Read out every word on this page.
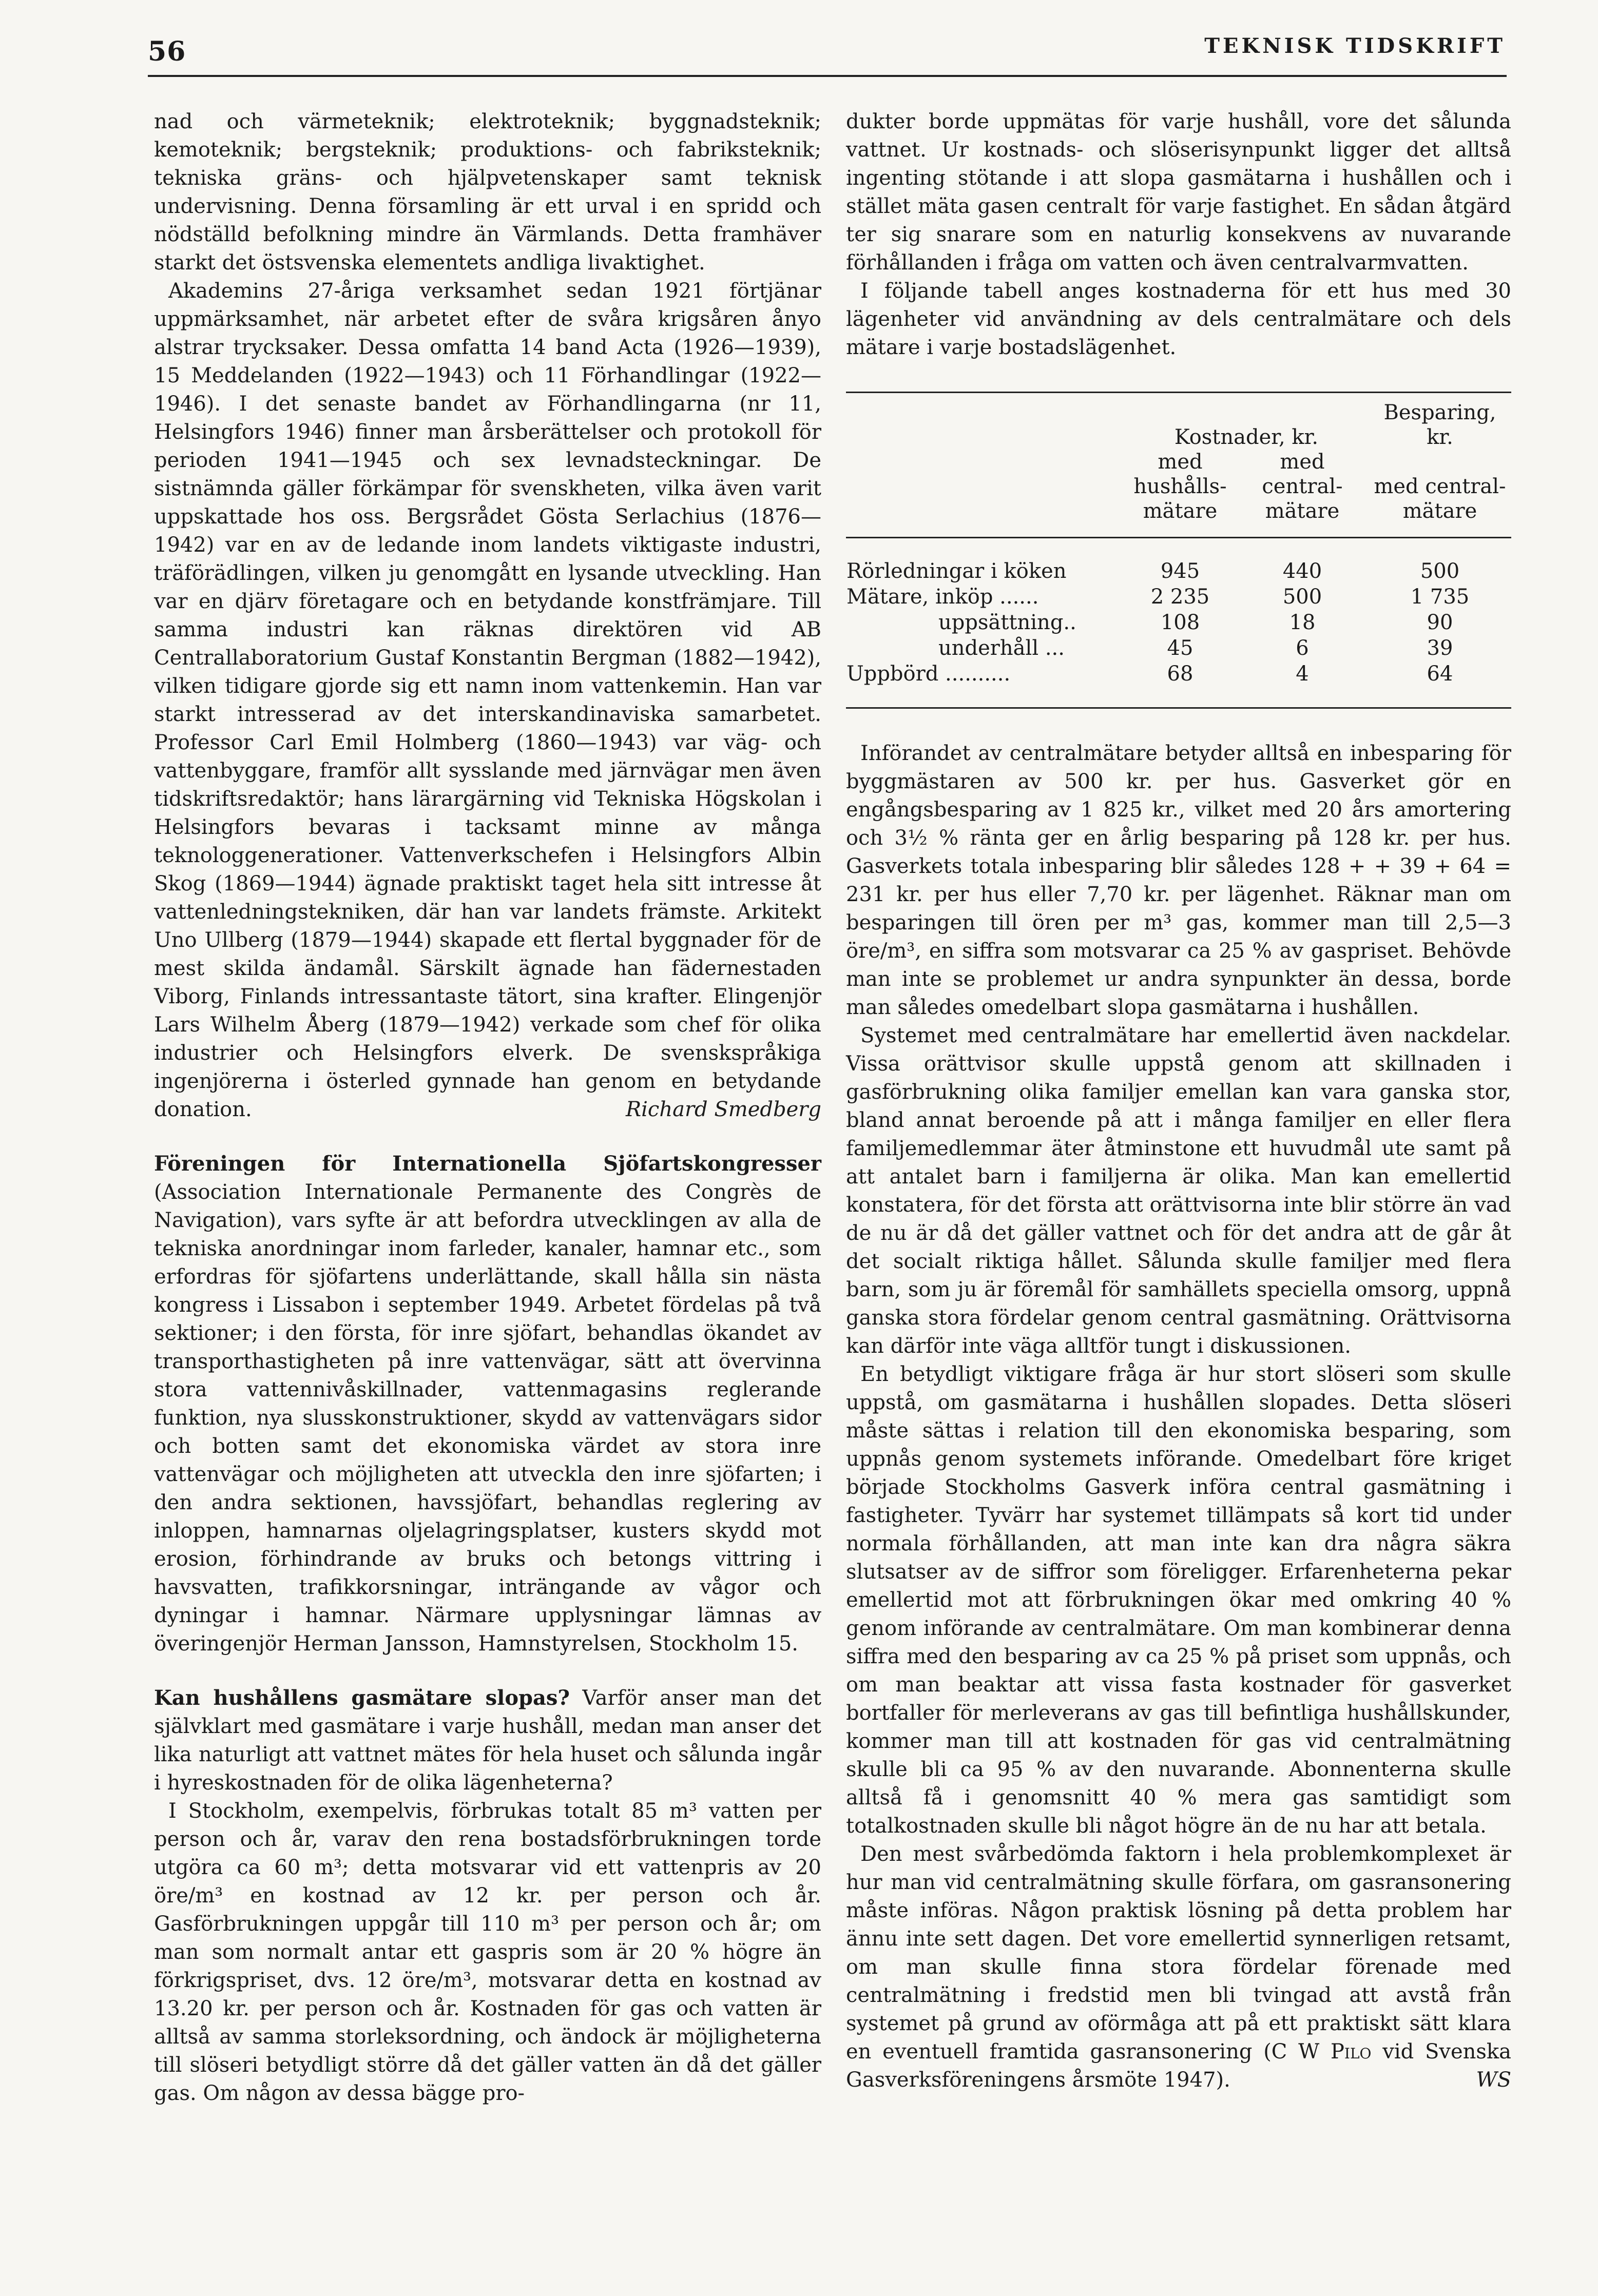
56	TEKNISK TIDSKRIFT

nad och värmeteknik; elektroteknik; byggnadsteknik; kemoteknik; bergsteknik; produktions- och fabriksteknik; tekniska gräns- och hjälpvetenskaper samt teknisk undervisning. Denna församling är ett urval i en spridd och nödställd befolkning mindre än Värmlands. Detta framhäver starkt det östsvenska elementets andliga livaktighet.

Akademins 27-åriga verksamhet sedan 1921 förtjänar uppmärksamhet, när arbetet efter de svåra krigsåren ånyo alstrar trycksaker. Dessa omfatta 14 band Acta (1926—1939), 15 Meddelanden (1922—1943) och 11 Förhandlingar (1922—1946). I det senaste bandet av Förhandlingarna (nr 11, Helsingfors 1946) finner man årsberättelser och protokoll för perioden 1941—1945 och sex levnadsteckningar. De sistnämnda gäller förkämpar för svenskheten, vilka även varit uppskattade hos oss. Bergsrådet Gösta Serlachius (1876—1942) var en av de ledande inom landets viktigaste industri, träförädlingen, vilken ju genomgått en lysande utveckling. Han var en djärv företagare och en betydande konstfrämjare. Till samma industri kan räknas direktören vid AB Centrallaboratorium Gustaf Konstantin Bergman (1882—1942), vilken tidigare gjorde sig ett namn inom vattenkemin. Han var starkt intresserad av det interskandinaviska samarbetet. Professor Carl Emil Holmberg (1860—1943) var väg- och vattenbyggare, framför allt sysslande med järnvägar men även tidskriftsredaktör; hans lärargärning vid Tekniska Högskolan i Helsingfors bevaras i tacksamt minne av många teknologgenerationer. Vattenverkschefen i Helsingfors Albin Skog (1869—1944) ägnade praktiskt taget hela sitt intresse åt vattenledningstekniken, där han var landets främste. Arkitekt Uno Ullberg (1879—1944) skapade ett flertal byggnader för de mest skilda ändamål. Särskilt ägnade han fädernestaden Viborg, Finlands intressantaste tätort, sina krafter. Elingenjör Lars Wilhelm Åberg (1879—1942) verkade som chef för olika industrier och Helsingfors elverk. De svenskspråkiga ingenjörerna i österled gynnade han genom en betydande donation.	Richard Smedberg

Föreningen för Internationella Sjöfartskongresser (Association Internationale Permanente des Congrès de Navigation), vars syfte är att befordra utvecklingen av alla de tekniska anordningar inom farleder, kanaler, hamnar etc., som erfordras för sjöfartens underlättande, skall hålla sin nästa kongress i Lissabon i september 1949. Arbetet fördelas på två sektioner; i den första, för inre sjöfart, behandlas ökandet av transporthastigheten på inre vattenvägar, sätt att övervinna stora vattennivåskillnader, vattenmagasins reglerande funktion, nya slusskonstruktioner, skydd av vattenvägars sidor och botten samt det ekonomiska värdet av stora inre vattenvägar och möjligheten att utveckla den inre sjöfarten; i den andra sektionen, havssjöfart, behandlas reglering av inloppen, hamnarnas oljelagringsplatser, kusters skydd mot erosion, förhindrande av bruks och betongs vittring i havsvatten, trafikkorsningar, inträngande av vågor och dyningar i hamnar. Närmare upplysningar lämnas av överingenjör Herman Jansson, Hamnstyrelsen, Stockholm 15.

Kan hushållens gasmätare slopas? Varför anser man det självklart med gasmätare i varje hushåll, medan man anser det lika naturligt att vattnet mätes för hela huset och sålunda ingår i hyreskostnaden för de olika lägenheterna?

I Stockholm, exempelvis, förbrukas totalt 85 m³ vatten per person och år, varav den rena bostadsförbrukningen torde utgöra ca 60 m³; detta motsvarar vid ett vattenpris av 20 öre/m³ en kostnad av 12 kr. per person och år. Gasförbrukningen uppgår till 110 m³ per person och år; om man som normalt antar ett gaspris som är 20 % högre än förkrigspriset, dvs. 12 öre/m³, motsvarar detta en kostnad av 13.20 kr. per person och år. Kostnaden för gas och vatten är alltså av samma storleksordning, och ändock är möjligheterna till slöseri betydligt större då det gäller vatten än då det gäller gas. Om någon av dessa bägge pro-

dukter borde uppmätas för varje hushåll, vore det sålunda vattnet. Ur kostnads- och slöserisynpunkt ligger det alltså ingenting stötande i att slopa gasmätarna i hushållen och i stället mäta gasen centralt för varje fastighet. En sådan åtgärd ter sig snarare som en naturlig konsekvens av nuvarande förhållanden i fråga om vatten och även centralvarmvatten.

I följande tabell anges kostnaderna för ett hus med 30 lägenheter vid användning av dels centralmätare och dels mätare i varje bostadslägenhet.

	Kostnader, kr.		Besparing, kr.
	med hushålls- mätare	med central- mätare	med central- mätare

Rörledningar i köken	945	440	500
Mätare, inköp ......	2 235	500	1 735
uppsättning..	108	18	90
underhåll ...	45	6	39
Uppbörd ..........	68	4	64

Införandet av centralmätare betyder alltså en inbesparing för byggmästaren av 500 kr. per hus. Gasverket gör en engångsbesparing av 1 825 kr., vilket med 20 års amortering och 3½ % ränta ger en årlig besparing på 128 kr. per hus. Gasverkets totala inbesparing blir således 128 + + 39 + 64 = 231 kr. per hus eller 7,70 kr. per lägenhet. Räknar man om besparingen till ören per m³ gas, kommer man till 2,5—3 öre/m³, en siffra som motsvarar ca 25 % av gaspriset. Behövde man inte se problemet ur andra synpunkter än dessa, borde man således omedelbart slopa gasmätarna i hushållen.

Systemet med centralmätare har emellertid även nackdelar. Vissa orättvisor skulle uppstå genom att skillnaden i gasförbrukning olika familjer emellan kan vara ganska stor, bland annat beroende på att i många familjer en eller flera familjemedlemmar äter åtminstone ett huvudmål ute samt på att antalet barn i familjerna är olika. Man kan emellertid konstatera, för det första att orättvisorna inte blir större än vad de nu är då det gäller vattnet och för det andra att de går åt det socialt riktiga hållet. Sålunda skulle familjer med flera barn, som ju är föremål för samhällets speciella omsorg, uppnå ganska stora fördelar genom central gasmätning. Orättvisorna kan därför inte väga alltför tungt i diskussionen.

En betydligt viktigare fråga är hur stort slöseri som skulle uppstå, om gasmätarna i hushållen slopades. Detta slöseri måste sättas i relation till den ekonomiska besparing, som uppnås genom systemets införande. Omedelbart före kriget började Stockholms Gasverk införa central gasmätning i fastigheter. Tyvärr har systemet tillämpats så kort tid under normala förhållanden, att man inte kan dra några säkra slutsatser av de siffror som föreligger. Erfarenheterna pekar emellertid mot att förbrukningen ökar med omkring 40 % genom införande av centralmätare. Om man kombinerar denna siffra med den besparing av ca 25 % på priset som uppnås, och om man beaktar att vissa fasta kostnader för gasverket bortfaller för merleverans av gas till befintliga hushållskunder, kommer man till att kostnaden för gas vid centralmätning skulle bli ca 95 % av den nuvarande. Abonnenterna skulle alltså få i genomsnitt 40 % mera gas samtidigt som totalkostnaden skulle bli något högre än de nu har att betala.

Den mest svårbedömda faktorn i hela problemkomplexet är hur man vid centralmätning skulle förfara, om gasransonering måste införas. Någon praktisk lösning på detta problem har ännu inte sett dagen. Det vore emellertid synnerligen retsamt, om man skulle finna stora fördelar förenade med centralmätning i fredstid men bli tvingad att avstå från systemet på grund av oförmåga att på ett praktiskt sätt klara en eventuell framtida gasransonering (C W Pilo vid Svenska Gasverksföreningens årsmöte 1947).	WS
